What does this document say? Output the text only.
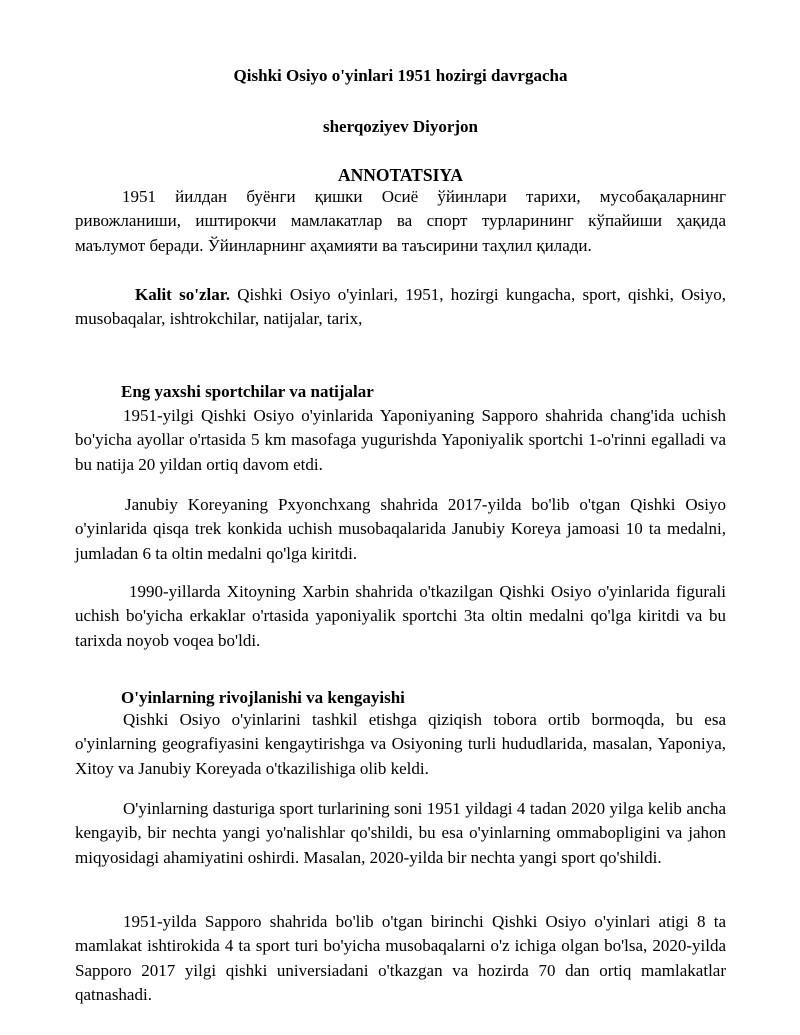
Qishki Osiyo o'yinlari 1951 hozirgi davrgacha
sherqoziyev Diyorjon
ANNOTATSIYA

1951 йилдан буёнги қишки Осиё ўйинлари тарихи, мусобақаларнинг ривожланиши, иштирокчи мамлакатлар ва спорт турларининг кўпайиши ҳақида маълумот беради. Ўйинларнинг аҳамияти ва таъсирини таҳлил қилади.

Kalit so'zlar. Qishki Osiyo o'yinlari, 1951, hozirgi kungacha, sport, qishki, Osiyo, musobaqalar, ishtrokchilar, natijalar, tarix,

Eng yaxshi sportchilar va natijalar

1951-yilgi Qishki Osiyo o'yinlarida Yaponiyaning Sapporo shahrida chang'ida uchish bo'yicha ayollar o'rtasida 5 km masofaga yugurishda Yaponiyalik sportchi 1-o'rinni egalladi va bu natija 20 yildan ortiq davom etdi.

Janubiy Koreyaning Pxyonchxang shahrida 2017-yilda bo'lib o'tgan Qishki Osiyo o'yinlarida qisqa trek konkida uchish musobaqalarida Janubiy Koreya jamoasi 10 ta medalni, jumladan 6 ta oltin medalni qo'lga kiritdi.

1990-yillarda Xitoyning Xarbin shahrida o'tkazilgan Qishki Osiyo o'yinlarida figurali uchish bo'yicha erkaklar o'rtasida yaponiyalik sportchi 3ta oltin medalni qo'lga kiritdi va bu tarixda noyob voqea bo'ldi.

O'yinlarning rivojlanishi va kengayishi

Qishki Osiyo o'yinlarini tashkil etishga qiziqish tobora ortib bormoqda, bu esa o'yinlarning geografiyasini kengaytirishga va Osiyoning turli hududlarida, masalan, Yaponiya, Xitoy va Janubiy Koreyada o'tkazilishiga olib keldi.

O'yinlarning dasturiga sport turlarining soni 1951 yildagi 4 tadan 2020 yilga kelib ancha kengayib, bir nechta yangi yo'nalishlar qo'shildi, bu esa o'yinlarning ommabopligini va jahon miqyosidagi ahamiyatini oshirdi. Masalan, 2020-yilda bir nechta yangi sport qo'shildi.

1951-yilda Sapporo shahrida bo'lib o'tgan birinchi Qishki Osiyo o'yinlari atigi 8 ta mamlakat ishtirokida 4 ta sport turi bo'yicha musobaqalarni o'z ichiga olgan bo'lsa, 2020-yilda Sapporo 2017 yilgi qishki universiadani o'tkazgan va hozirda 70 dan ortiq mamlakatlar qatnashadi.
